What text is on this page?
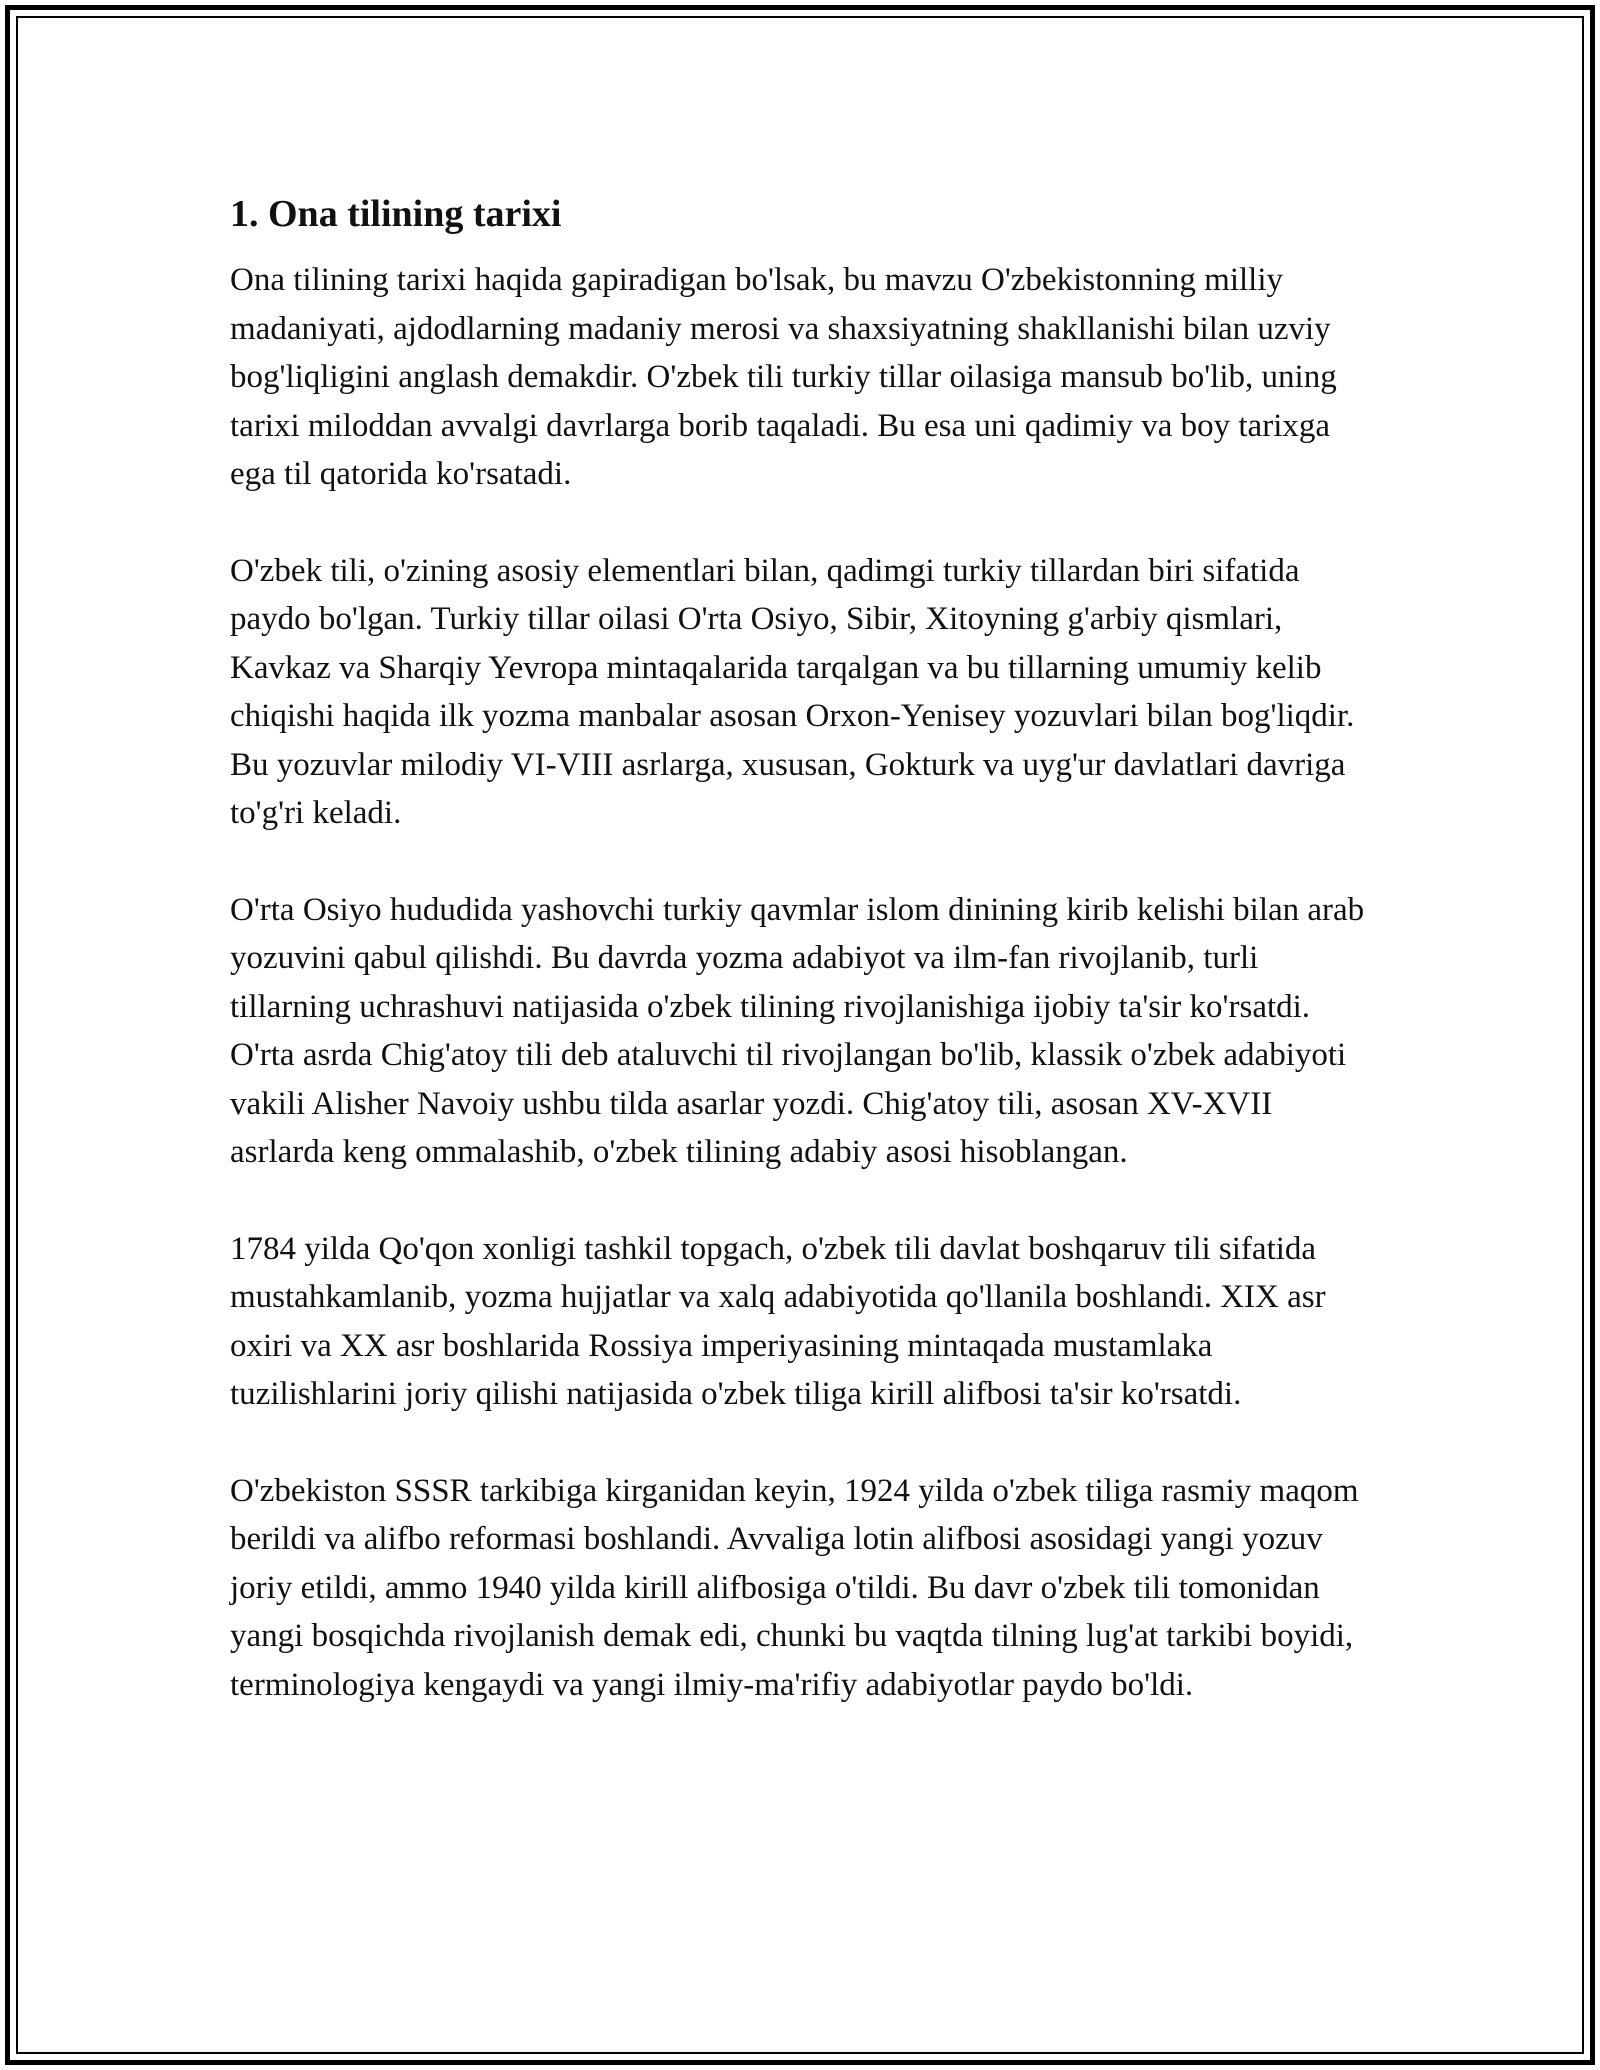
1. Ona tilining tarixi

Ona tilining tarixi haqida gapiradigan bo'lsak, bu mavzu O'zbekistonning milliy madaniyati, ajdodlarning madaniy merosi va shaxsiyatning shakllanishi bilan uzviy bog'liqligini anglash demakdir. O'zbek tili turkiy tillar oilasiga mansub bo'lib, uning tarixi miloddan avvalgi davrlarga borib taqaladi. Bu esa uni qadimiy va boy tarixga ega til qatorida ko'rsatadi.

O'zbek tili, o'zining asosiy elementlari bilan, qadimgi turkiy tillardan biri sifatida paydo bo'lgan. Turkiy tillar oilasi O'rta Osiyo, Sibir, Xitoyning g'arbiy qismlari, Kavkaz va Sharqiy Yevropa mintaqalarida tarqalgan va bu tillarning umumiy kelib chiqishi haqida ilk yozma manbalar asosan Orxon-Yenisey yozuvlari bilan bog'liqdir. Bu yozuvlar milodiy VI-VIII asrlarga, xususan, Gokturk va uyg'ur davlatlari davriga to'g'ri keladi.

O'rta Osiyo hududida yashovchi turkiy qavmlar islom dinining kirib kelishi bilan arab yozuvini qabul qilishdi. Bu davrda yozma adabiyot va ilm-fan rivojlanib, turli tillarning uchrashuvi natijasida o'zbek tilining rivojlanishiga ijobiy ta'sir ko'rsatdi. O'rta asrda Chig'atoy tili deb ataluvchi til rivojlangan bo'lib, klassik o'zbek adabiyoti vakili Alisher Navoiy ushbu tilda asarlar yozdi. Chig'atoy tili, asosan XV-XVII asrlarda keng ommalashib, o'zbek tilining adabiy asosi hisoblangan.

1784 yilda Qo'qon xonligi tashkil topgach, o'zbek tili davlat boshqaruv tili sifatida mustahkamlanib, yozma hujjatlar va xalq adabiyotida qo'llanila boshlandi. XIX asr oxiri va XX asr boshlarida Rossiya imperiyasining mintaqada mustamlaka tuzilishlarini joriy qilishi natijasida o'zbek tiliga kirill alifbosi ta'sir ko'rsatdi.

O'zbekiston SSSR tarkibiga kirganidan keyin, 1924 yilda o'zbek tiliga rasmiy maqom berildi va alifbo reformasi boshlandi. Avvaliga lotin alifbosi asosidagi yangi yozuv joriy etildi, ammo 1940 yilda kirill alifbosiga o'tildi. Bu davr o'zbek tili tomonidan yangi bosqichda rivojlanish demak edi, chunki bu vaqtda tilning lug'at tarkibi boyidi, terminologiya kengaydi va yangi ilmiy-ma'rifiy adabiyotlar paydo bo'ldi.
